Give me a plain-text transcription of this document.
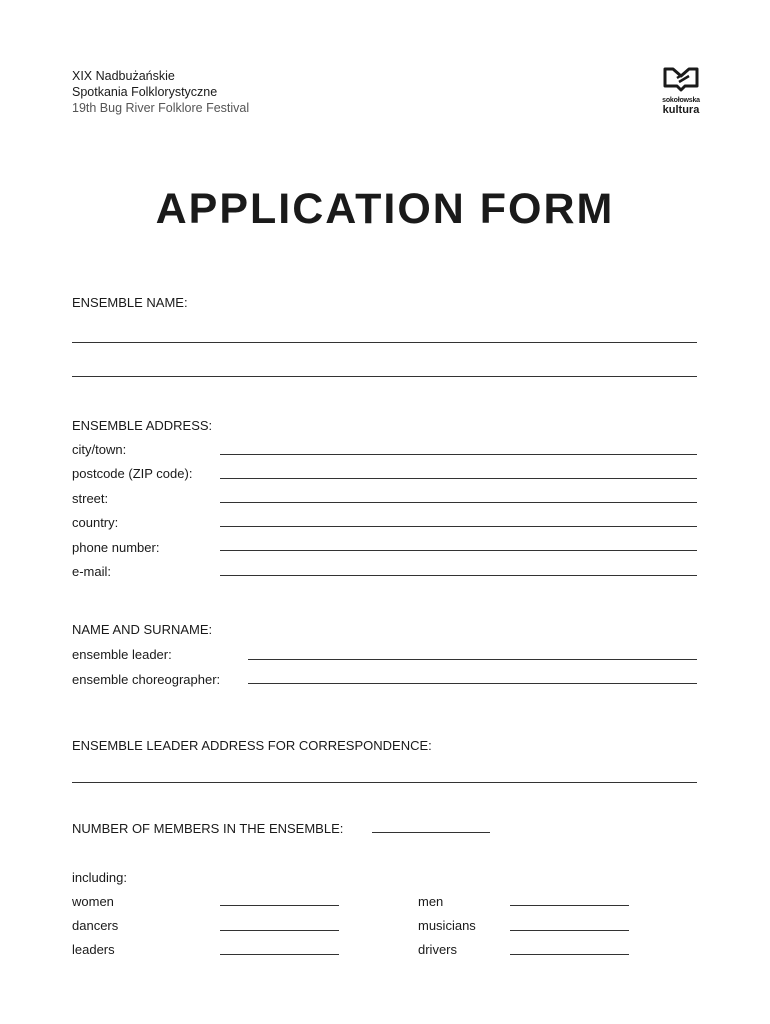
XIX Nadbużańskie
Spotkania Folklorystyczne
19th Bug River Folklore Festival
sokołowska
kultura
APPLICATION FORM
ENSEMBLE NAME:
ENSEMBLE ADDRESS:
city/town:
postcode (ZIP code):
street:
country:
phone number:
e-mail:
NAME AND SURNAME:
ensemble leader:
ensemble choreographer:
ENSEMBLE LEADER ADDRESS FOR CORRESPONDENCE:
NUMBER OF MEMBERS IN THE ENSEMBLE:
including:
women	men
dancers	musicians
leaders	drivers
